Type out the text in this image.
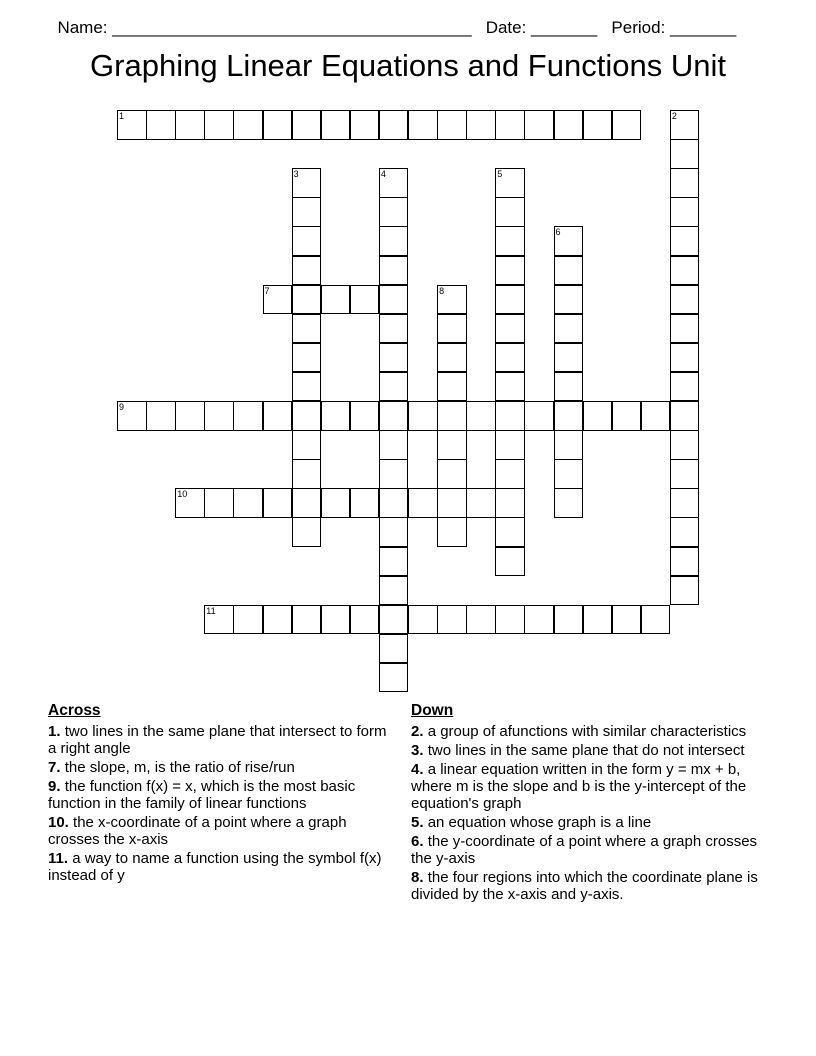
Name: ______________________________________ Date: _______ Period: _______

Graphing Linear Equations and Functions Unit
1	2
3	4	5
6
7	8
9
10
11
Across
1. two lines in the same plane that intersect to form a right angle
7. the slope, m, is the ratio of rise/run
9. the function f(x) = x, which is the most basic function in the family of linear functions
10. the x-coordinate of a point where a graph crosses the x-axis
11. a way to name a function using the symbol f(x) instead of y
Down
2. a group of afunctions with similar characteristics
3. two lines in the same plane that do not intersect
4. a linear equation written in the form y = mx + b, where m is the slope and b is the y-intercept of the equation's graph
5. an equation whose graph is a line
6. the y-coordinate of a point where a graph crosses the y-axis
8. the four regions into which the coordinate plane is divided by the x-axis and y-axis.
